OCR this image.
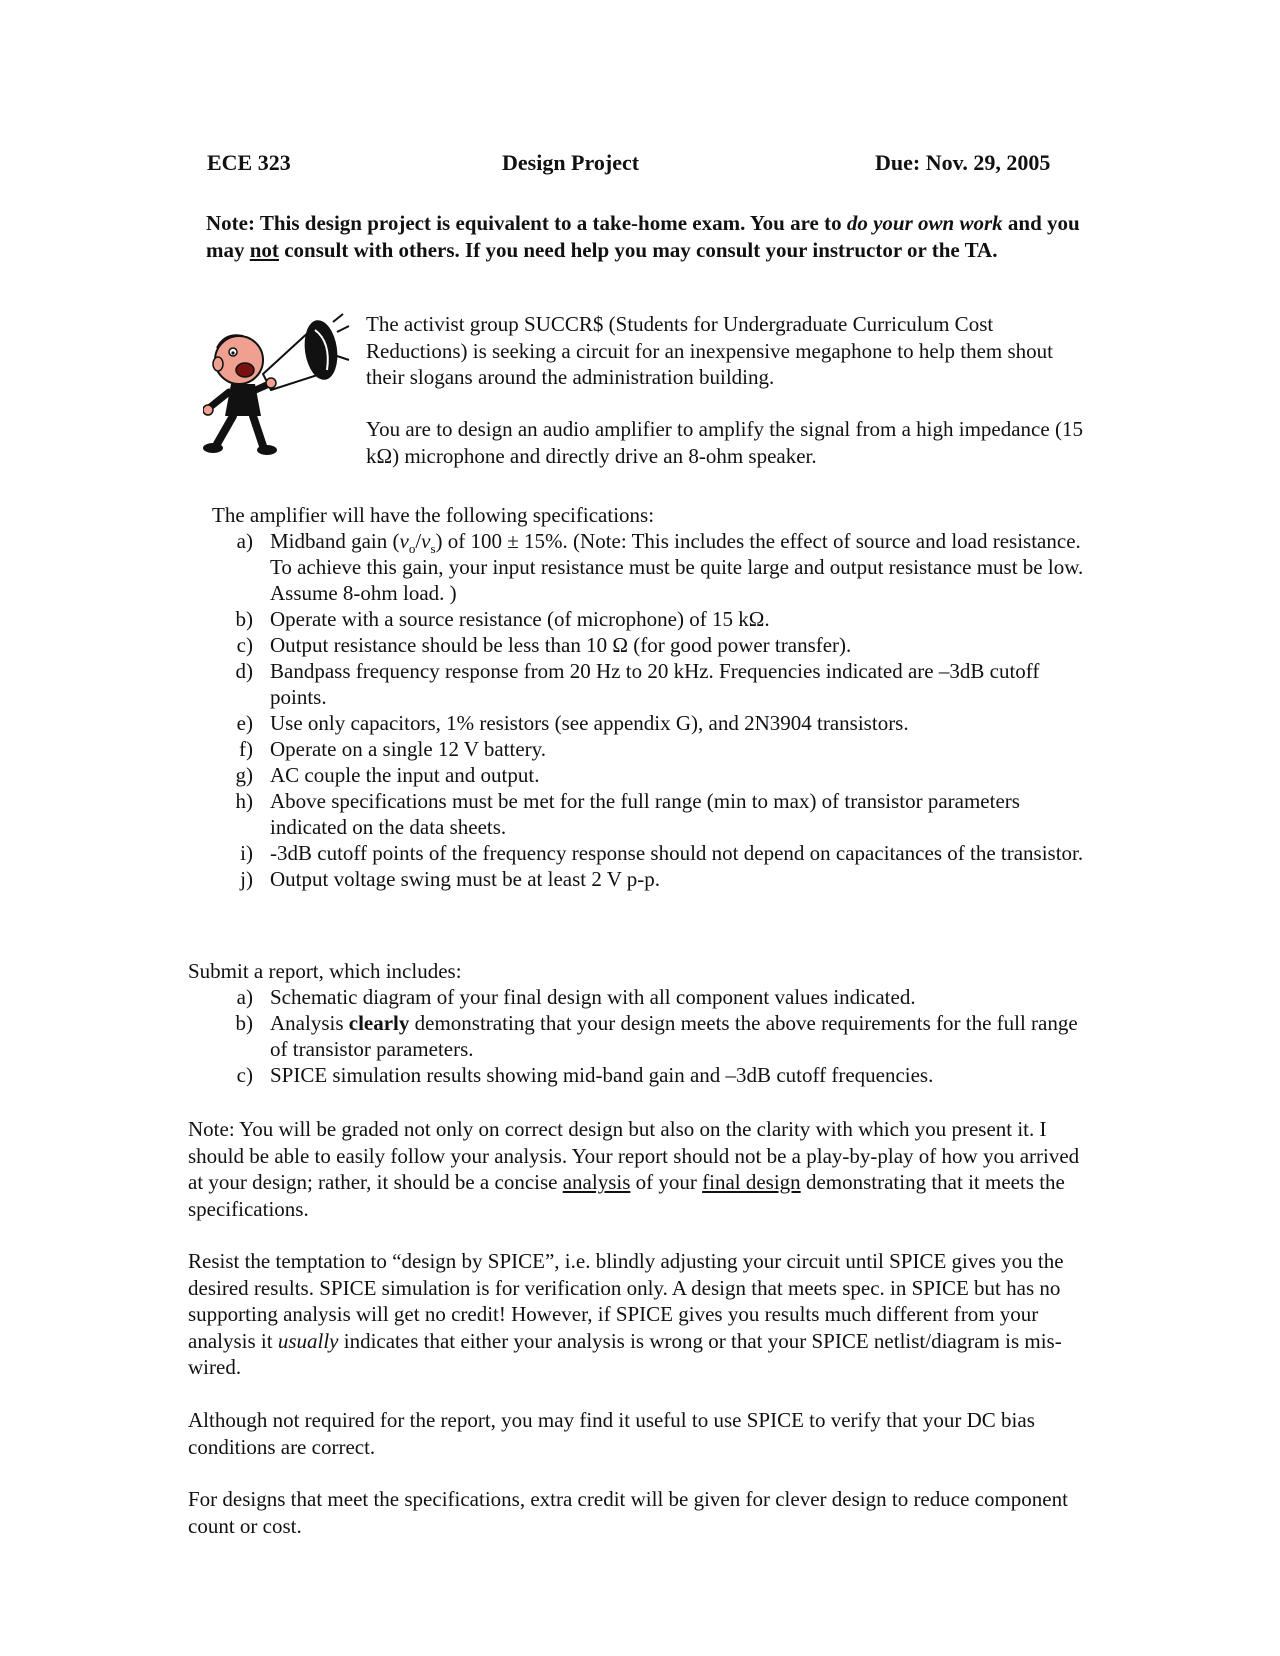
ECE 323	Design Project	Due: Nov. 29, 2005
Note: This design project is equivalent to a take-home exam. You are to do your own work and you may not consult with others. If you need help you may consult your instructor or the TA.
The activist group SUCCR$ (Students for Undergraduate Curriculum Cost Reductions) is seeking a circuit for an inexpensive megaphone to help them shout their slogans around the administration building.
You are to design an audio amplifier to amplify the signal from a high impedance (15 kΩ) microphone and directly drive an 8-ohm speaker.
The amplifier will have the following specifications:
a) Midband gain $(v_o/v_s)$ of 100 ± 15%. (Note: This includes the effect of source and load resistance. To achieve this gain, your input resistance must be quite large and output resistance must be low. Assume 8-ohm load. )
b) Operate with a source resistance (of microphone) of 15 kΩ.
c) Output resistance should be less than 10 Ω (for good power transfer).
d) Bandpass frequency response from 20 Hz to 20 kHz. Frequencies indicated are –3dB cutoff points.
e) Use only capacitors, 1% resistors (see appendix G), and 2N3904 transistors.
f) Operate on a single 12 V battery.
g) AC couple the input and output.
h) Above specifications must be met for the full range (min to max) of transistor parameters indicated on the data sheets.
i) -3dB cutoff points of the frequency response should not depend on capacitances of the transistor.
j) Output voltage swing must be at least 2 V p-p.
Submit a report, which includes:
a) Schematic diagram of your final design with all component values indicated.
b) Analysis clearly demonstrating that your design meets the above requirements for the full range of transistor parameters.
c) SPICE simulation results showing mid-band gain and –3dB cutoff frequencies.
Note: You will be graded not only on correct design but also on the clarity with which you present it. I should be able to easily follow your analysis. Your report should not be a play-by-play of how you arrived at your design; rather, it should be a concise analysis of your final design demonstrating that it meets the specifications.
Resist the temptation to “design by SPICE”, i.e. blindly adjusting your circuit until SPICE gives you the desired results. SPICE simulation is for verification only. A design that meets spec. in SPICE but has no supporting analysis will get no credit! However, if SPICE gives you results much different from your analysis it usually indicates that either your analysis is wrong or that your SPICE netlist/diagram is mis-wired.
Although not required for the report, you may find it useful to use SPICE to verify that your DC bias conditions are correct.
For designs that meet the specifications, extra credit will be given for clever design to reduce component count or cost.
